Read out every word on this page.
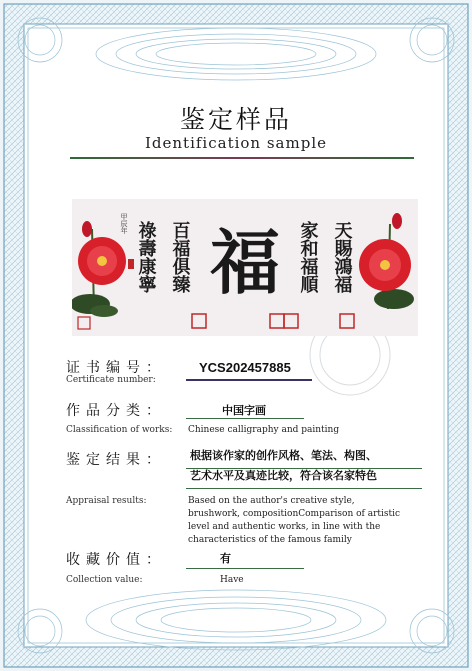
鉴定样品
Identification sample
福
祿壽康寧 百福俱臻	天賜鴻福
家和福順
甲辰年
证书编号：
Certificate number:
YCS202457885
作品分类：	中国字画
Classification of works: Chinese calligraphy and painting
鉴定结果： 根据该作家的创作风格、笔法、构图、
艺术水平及真迹比较，符合该名家特色
Appraisal results:	Based on the author's creative style,
brushwork, compositionComparison of artistic
level and authentic works, in line with the
characteristics of the famous family
收藏价值：	有
Collection value:	Have
